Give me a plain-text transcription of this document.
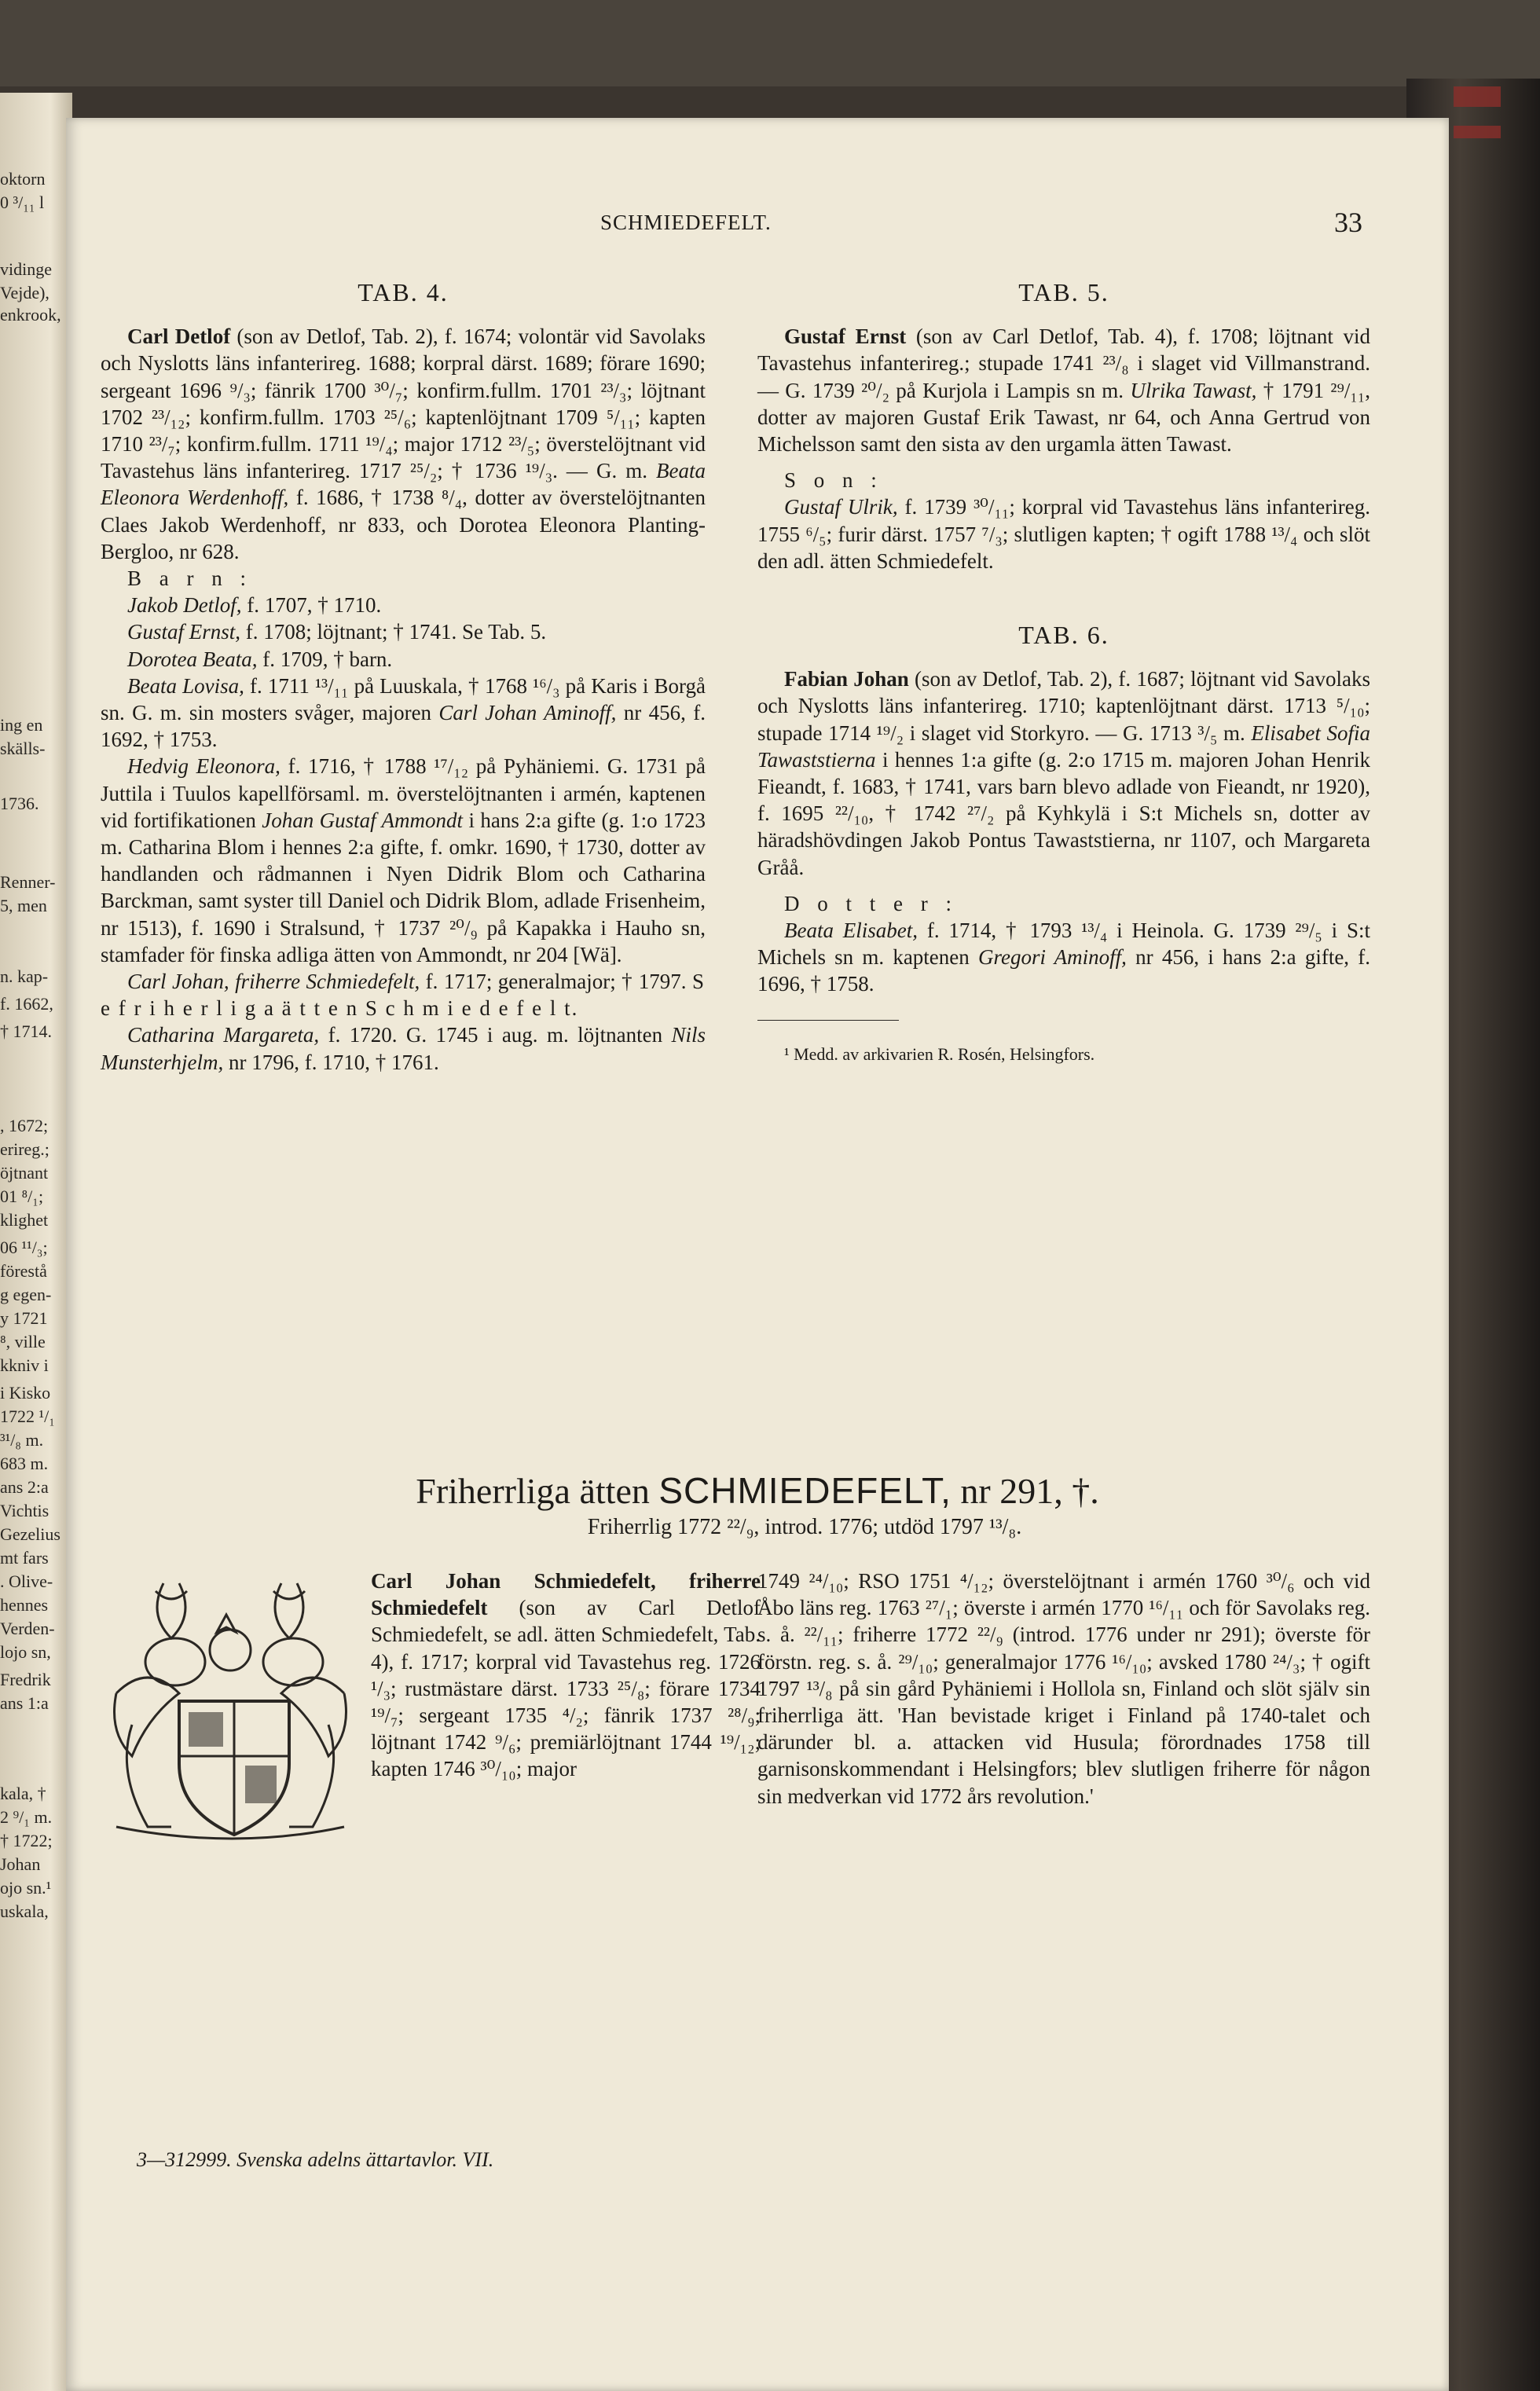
oktorn
0 ³/₁₁ l
vidinge
Vejde),
enkrook,
ing en
skälls-
1736.
Renner-
5, men
n. kap-
f. 1662,
† 1714.
, 1672;
erireg.;
öjtnant
01 ⁸/₁;
klighet
06 ¹¹/₃;
förestå
g egen-
y 1721
⁸, ville
kkniv i
i Kisko
1722 ¹/₁
³¹/₈ m.
683 m.
ans 2:a
Vichtis
Gezelius
mt fars
. Olive-
hennes
Verden-
lojo sn,
Fredrik
ans 1:a
kala, †
2 ⁹/₁ m.
† 1722;
Johan
ojo sn.¹
uskala,
SCHMIEDEFELT.	33
TAB. 4.

Carl Detlof (son av Detlof, Tab. 2), f. 1674; volontär vid Savolaks och Nyslotts läns infanterireg. 1688; korpral därst. 1689; förare 1690; sergeant 1696 ⁹/₃; fänrik 1700 ³⁰/₇; konfirm.fullm. 1701 ²³/₃; löjtnant 1702 ²³/₁₂; konfirm.fullm. 1703 ²⁵/₆; kaptenlöjtnant 1709 ⁵/₁₁; kapten 1710 ²³/₇; konfirm.fullm. 1711 ¹⁹/₄; major 1712 ²³/₅; överstelöjtnant vid Tavastehus läns infanterireg. 1717 ²⁵/₂; † 1736 ¹⁹/₃. — G. m. Beata Eleonora Werdenhoff, f. 1686, † 1738 ⁸/₄, dotter av överstelöjtnanten Claes Jakob Werdenhoff, nr 833, och Dorotea Eleonora Planting-Bergloo, nr 628.

B a r n :

Jakob Detlof, f. 1707, † 1710.

Gustaf Ernst, f. 1708; löjtnant; † 1741. Se Tab. 5.

Dorotea Beata, f. 1709, † barn.

Beata Lovisa, f. 1711 ¹³/₁₁ på Luuskala, † 1768 ¹⁶/₃ på Karis i Borgå sn. G. m. sin mosters svåger, majoren Carl Johan Aminoff, nr 456, f. 1692, † 1753.

Hedvig Eleonora, f. 1716, † 1788 ¹⁷/₁₂ på Pyhäniemi. G. 1731 på Juttila i Tuulos kapellförsaml. m. överstelöjtnanten i armén, kaptenen vid fortifikationen Johan Gustaf Ammondt i hans 2:a gifte (g. 1:o 1723 m. Catharina Blom i hennes 2:a gifte, f. omkr. 1690, † 1730, dotter av handlanden och rådmannen i Nyen Didrik Blom och Catharina Barckman, samt syster till Daniel och Didrik Blom, adlade Frisenheim, nr 1513), f. 1690 i Stralsund, † 1737 ²⁰/₉ på Kapakka i Hauho sn, stamfader för finska adliga ätten von Ammondt, nr 204 [Wä].

Carl Johan, friherre Schmiedefelt, f. 1717; generalmajor; † 1797. S e f r i h e r l i g a ä t t e n S c h m i e d e f e l t.

Catharina Margareta, f. 1720. G. 1745 i aug. m. löjtnanten Nils Munsterhjelm, nr 1796, f. 1710, † 1761.

TAB. 5.

Gustaf Ernst (son av Carl Detlof, Tab. 4), f. 1708; löjtnant vid Tavastehus infanterireg.; stupade 1741 ²³/₈ i slaget vid Villmanstrand. — G. 1739 ²⁰/₂ på Kurjola i Lampis sn m. Ulrika Tawast, † 1791 ²⁹/₁₁, dotter av majoren Gustaf Erik Tawast, nr 64, och Anna Gertrud von Michelsson samt den sista av den urgamla ätten Tawast.

S o n :

Gustaf Ulrik, f. 1739 ³⁰/₁₁; korpral vid Tavastehus läns infanterireg. 1755 ⁶/₅; furir därst. 1757 ⁷/₃; slutligen kapten; † ogift 1788 ¹³/₄ och slöt den adl. ätten Schmiedefelt.

TAB. 6.

Fabian Johan (son av Detlof, Tab. 2), f. 1687; löjtnant vid Savolaks och Nyslotts läns infanterireg. 1710; kaptenlöjtnant därst. 1713 ⁵/₁₀; stupade 1714 ¹⁹/₂ i slaget vid Storkyro. — G. 1713 ³/₅ m. Elisabet Sofia Tawaststierna i hennes 1:a gifte (g. 2:o 1715 m. majoren Johan Henrik Fieandt, f. 1683, † 1741, vars barn blevo adlade von Fieandt, nr 1920), f. 1695 ²²/₁₀, † 1742 ²⁷/₂ på Kyhkylä i S:t Michels sn, dotter av häradshövdingen Jakob Pontus Tawaststierna, nr 1107, och Margareta Gråå.

D o t t e r :

Beata Elisabet, f. 1714, † 1793 ¹³/₄ i Heinola. G. 1739 ²⁹/₅ i S:t Michels sn m. kaptenen Gregori Aminoff, nr 456, i hans 2:a gifte, f. 1696, † 1758.

¹ Medd. av arkivarien R. Rosén, Helsingfors.

Friherrliga ätten SCHMIEDEFELT, nr 291, †.

Friherrlig 1772 ²²/₉, introd. 1776; utdöd 1797 ¹³/₈.

Carl Johan Schmiedefelt, friherre Schmiedefelt (son av Carl Detlof Schmiedefelt, se adl. ätten Schmiedefelt, Tab. 4), f. 1717; korpral vid Tavastehus reg. 1726 ¹/₃; rustmästare därst. 1733 ²⁵/₈; förare 1734 ¹⁹/₇; sergeant 1735 ⁴/₂; fänrik 1737 ²⁸/₉; löjtnant 1742 ⁹/₆; premiärlöjtnant 1744 ¹⁹/₁₂; kapten 1746 ³⁰/₁₀; major
1749 ²⁴/₁₀; RSO 1751 ⁴/₁₂; överstelöjtnant i armén 1760 ³⁰/₆ och vid Åbo läns reg. 1763 ²⁷/₁; överste i armén 1770 ¹⁶/₁₁ och för Savolaks reg. s. å. ²²/₁₁; friherre 1772 ²²/₉ (introd. 1776 under nr 291); överste för förstn. reg. s. å. ²⁹/₁₀; generalmajor 1776 ¹⁶/₁₀; avsked 1780 ²⁴/₃; † ogift 1797 ¹³/₈ på sin gård Pyhäniemi i Hollola sn, Finland och slöt själv sin friherrliga ätt. 'Han bevistade kriget i Finland på 1740-talet och därunder bl. a. attacken vid Husula; förordnades 1758 till garnisonskommendant i Helsingfors; blev slutligen friherre för någon sin medverkan vid 1772 års revolution.'
3—312999. Svenska adelns ättartavlor. VII.
